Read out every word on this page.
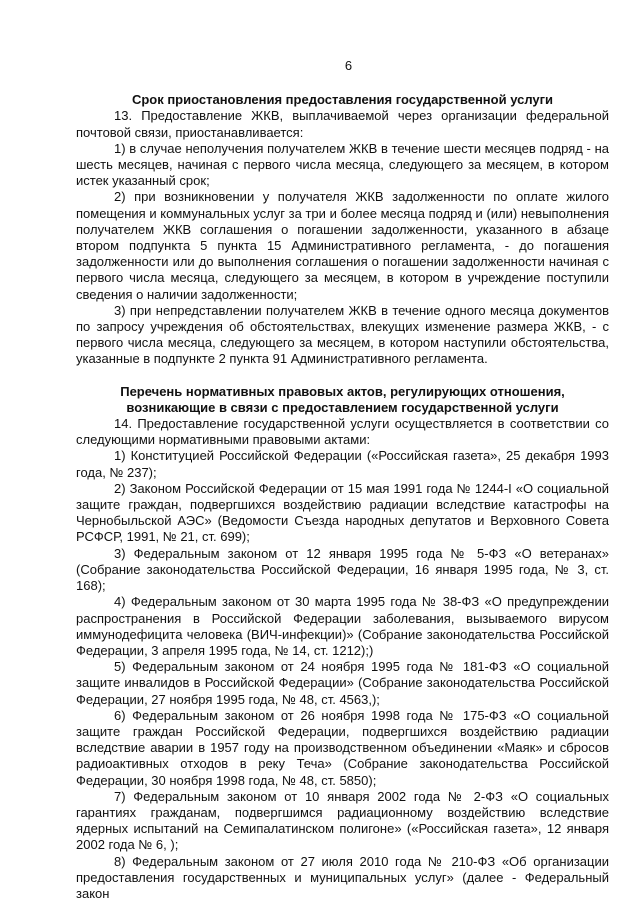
6
Срок приостановления предоставления государственной услуги

13. Предоставление ЖКВ, выплачиваемой через организации федеральной почтовой связи, приостанавливается:

1) в случае неполучения получателем ЖКВ в течение шести месяцев подряд - на шесть месяцев, начиная с первого числа месяца, следующего за месяцем, в котором истек указанный срок;

2) при возникновении у получателя ЖКВ задолженности по оплате жилого помещения и коммунальных услуг за три и более месяца подряд и (или) невыполнения получателем ЖКВ соглашения о погашении задолженности, указанного в абзаце втором подпункта 5 пункта 15 Административного регламента, - до погашения задолженности или до выполнения соглашения о погашении задолженности начиная с первого числа месяца, следующего за месяцем, в котором в учреждение поступили сведения о наличии задолженности;

3) при непредставлении получателем ЖКВ в течение одного месяца документов по запросу учреждения об обстоятельствах, влекущих изменение размера ЖКВ, - с первого числа месяца, следующего за месяцем, в котором наступили обстоятельства, указанные в подпункте 2 пункта 91 Административного регламента.

Перечень нормативных правовых актов, регулирующих отношения,
возникающие в связи с предоставлением государственной услуги

14. Предоставление государственной услуги осуществляется в соответствии со следующими нормативными правовыми актами:

1) Конституцией Российской Федерации («Российская газета», 25 декабря 1993 года, № 237);

2) Законом Российской Федерации от 15 мая 1991 года № 1244-I «О социальной защите граждан, подвергшихся воздействию радиации вследствие катастрофы на Чернобыльской АЭС» (Ведомости Съезда народных депутатов и Верховного Совета РСФСР, 1991, № 21, ст. 699);

3) Федеральным законом от 12 января 1995 года № 5-ФЗ «О ветеранах» (Собрание законодательства Российской Федерации, 16 января 1995 года, № 3, ст. 168);

4) Федеральным законом от 30 марта 1995 года № 38-ФЗ «О предупреждении распространения в Российской Федерации заболевания, вызываемого вирусом иммунодефицита человека (ВИЧ-инфекции)» (Собрание законодательства Российской Федерации, 3 апреля 1995 года, № 14, ст. 1212);)

5) Федеральным законом от 24 ноября 1995 года № 181-ФЗ «О социальной защите инвалидов в Российской Федерации» (Собрание законодательства Российской Федерации, 27 ноября 1995 года, № 48, ст. 4563,);

6) Федеральным законом от 26 ноября 1998 года № 175-ФЗ «О социальной защите граждан Российской Федерации, подвергшихся воздействию радиации вследствие аварии в 1957 году на производственном объединении «Маяк» и сбросов радиоактивных отходов в реку Теча» (Собрание законодательства Российской Федерации, 30 ноября 1998 года, № 48, ст. 5850);

7) Федеральным законом от 10 января 2002 года № 2-ФЗ «О социальных гарантиях гражданам, подвергшимся радиационному воздействию вследствие ядерных испытаний на Семипалатинском полигоне» («Российская газета», 12 января 2002 года № 6, );

8) Федеральным законом от 27 июля 2010 года № 210-ФЗ «Об организации предоставления государственных и муниципальных услуг» (далее - Федеральный закон
